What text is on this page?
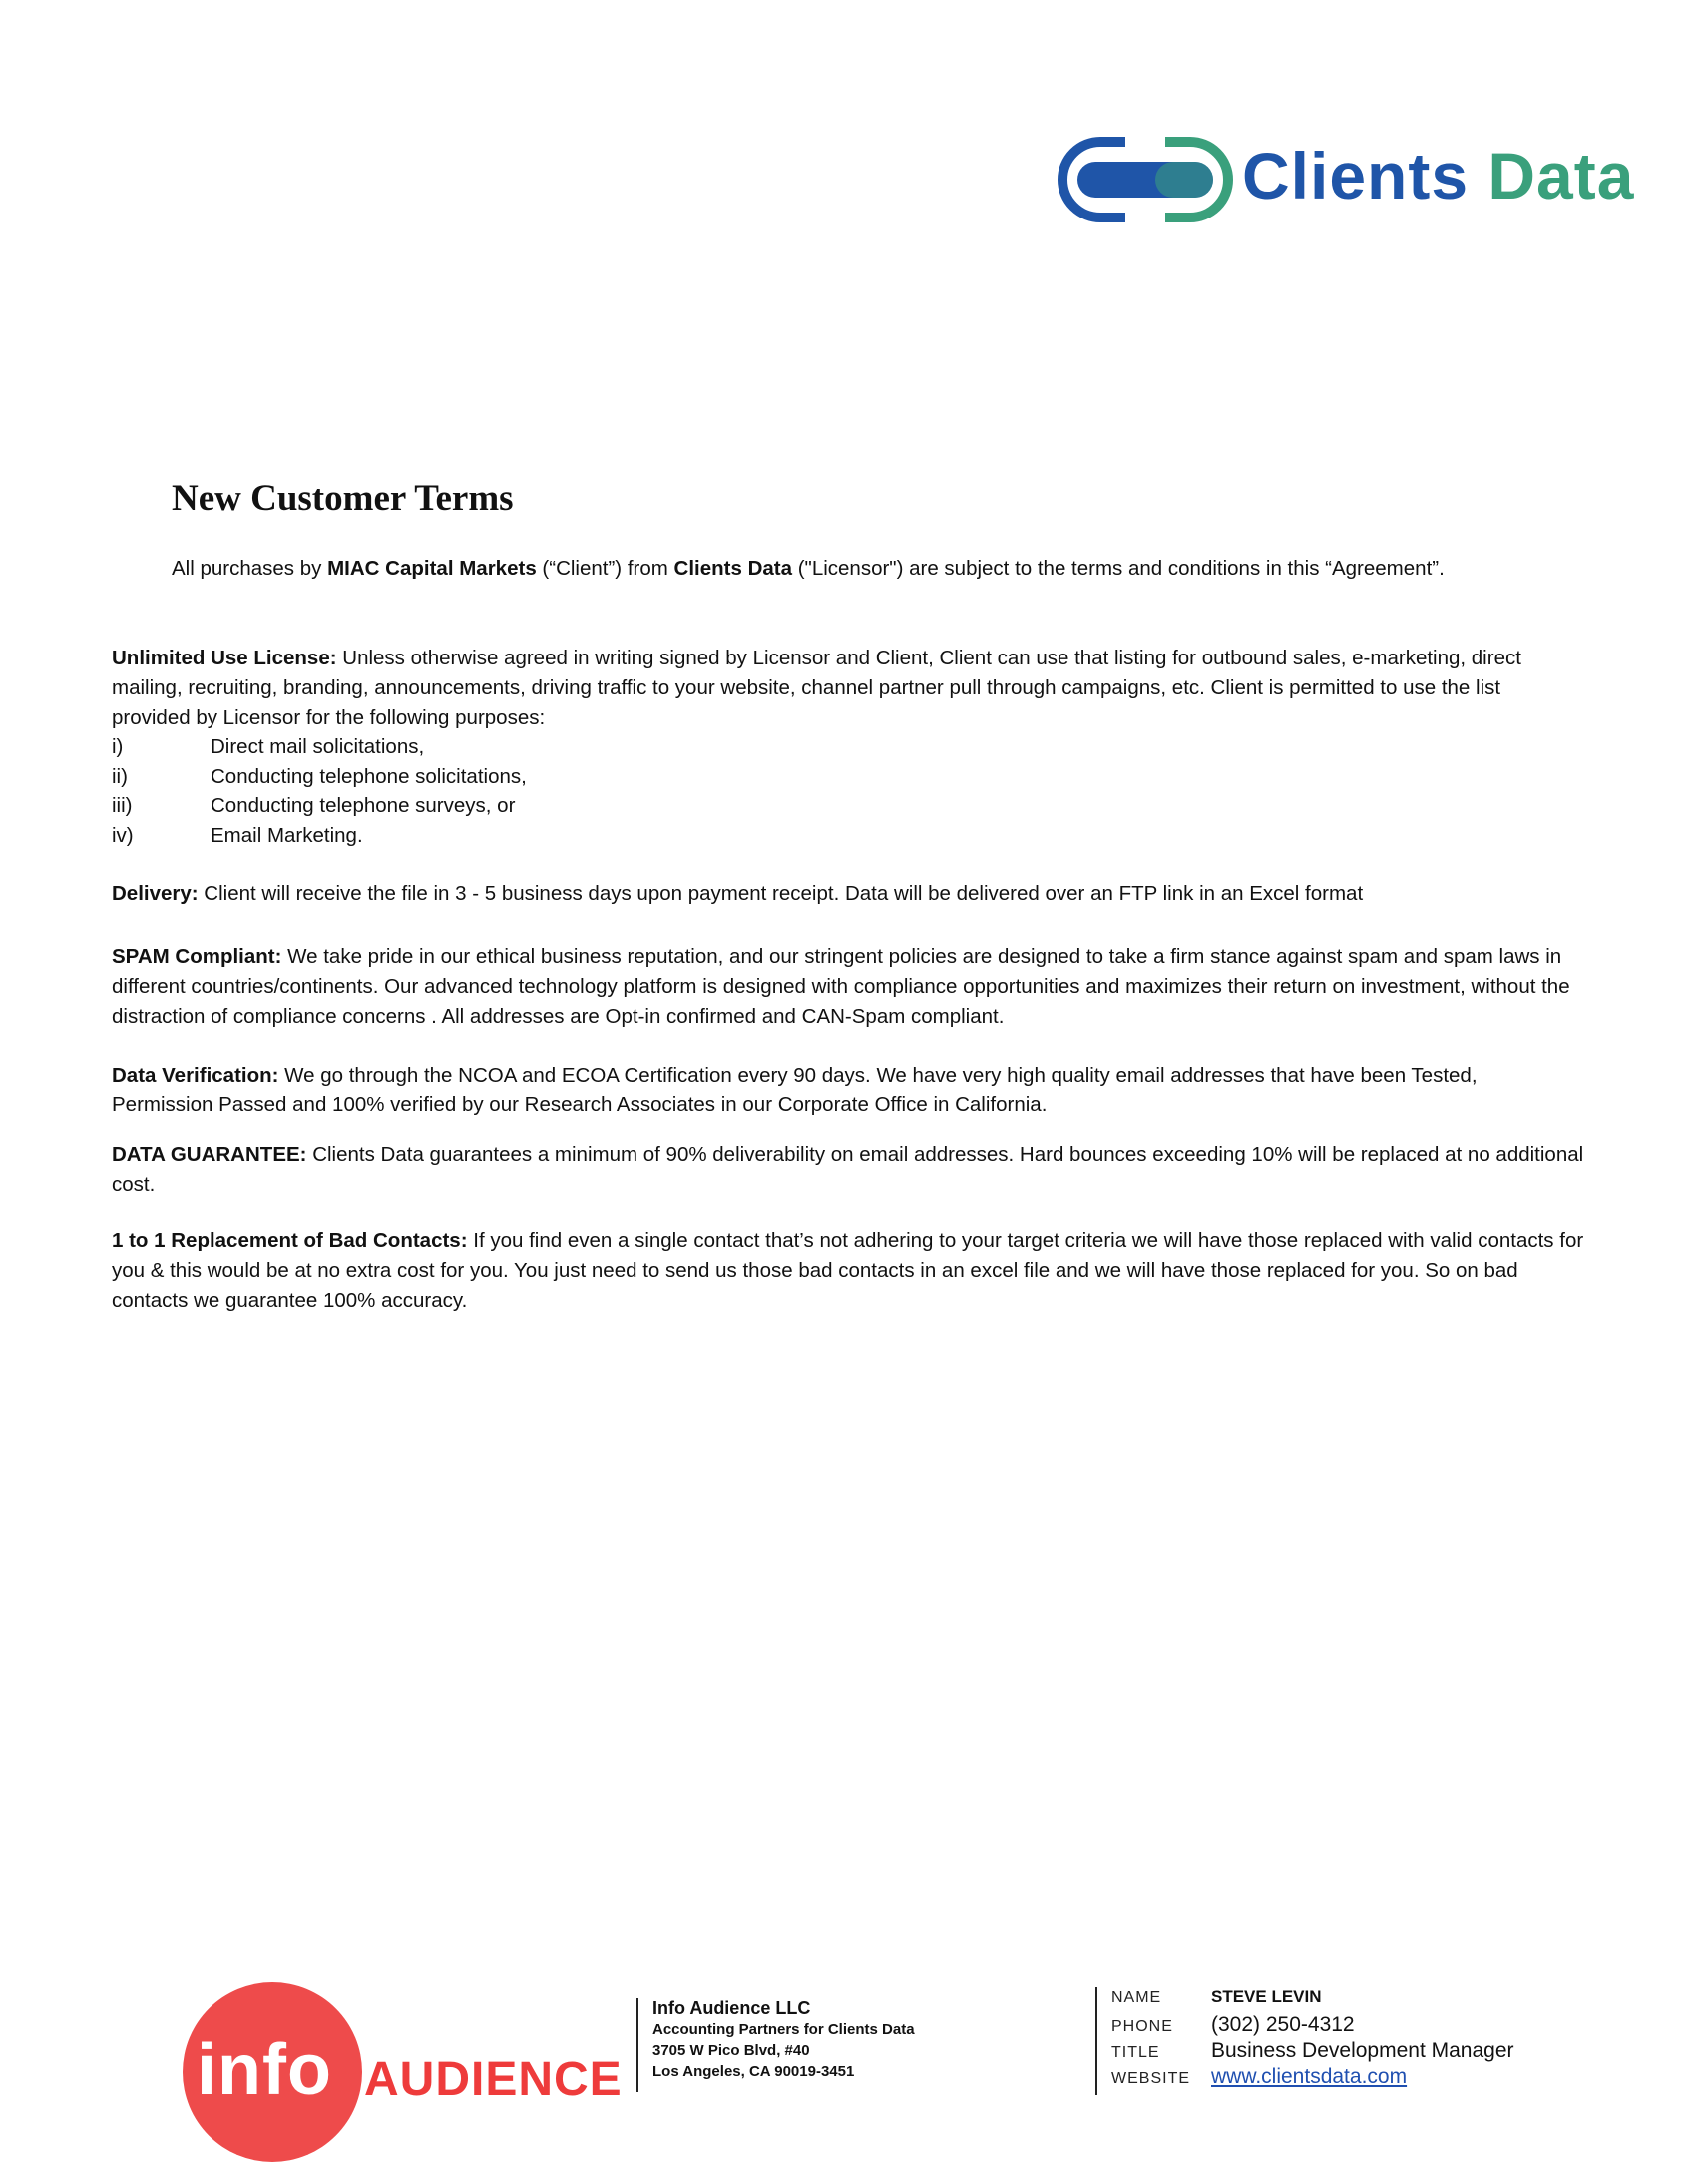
Clients Data
New Customer Terms
All purchases by MIAC Capital Markets (“Client”) from Clients Data ("Licensor") are subject to the terms and conditions in this “Agreement”.
Unlimited Use License: Unless otherwise agreed in writing signed by Licensor and Client, Client can use that listing for outbound sales, e-marketing, direct mailing, recruiting, branding, announcements, driving traffic to your website, channel partner pull through campaigns, etc. Client is permitted to use the list provided by Licensor for the following purposes:
i)	Direct mail solicitations,
ii)	Conducting telephone solicitations,
iii)	Conducting telephone surveys, or
iv)	Email Marketing.
Delivery: Client will receive the file in 3 - 5 business days upon payment receipt. Data will be delivered over an FTP link in an Excel format
SPAM Compliant: We take pride in our ethical business reputation, and our stringent policies are designed to take a firm stance against spam and spam laws in different countries/continents. Our advanced technology platform is designed with compliance opportunities and maximizes their return on investment, without the distraction of compliance concerns . All addresses are Opt-in confirmed and CAN-Spam compliant.
Data Verification: We go through the NCOA and ECOA Certification every 90 days. We have very high quality email addresses that have been Tested, Permission Passed and 100% verified by our Research Associates in our Corporate Office in California.
DATA GUARANTEE: Clients Data guarantees a minimum of 90% deliverability on email addresses. Hard bounces exceeding 10% will be replaced at no additional cost.
1 to 1 Replacement of Bad Contacts: If you find even a single contact that’s not adhering to your target criteria we will have those replaced with valid contacts for you & this would be at no extra cost for you. You just need to send us those bad contacts in an excel file and we will have those replaced for you. So on bad contacts we guarantee 100% accuracy.
info AUDIENCE
Info Audience LLC
Accounting Partners for Clients Data
3705 W Pico Blvd, #40
Los Angeles, CA 90019-3451
NAME	STEVE LEVIN
PHONE (302) 250-4312
TITLE Business Development Manager
WEBSITE www.clientsdata.com
